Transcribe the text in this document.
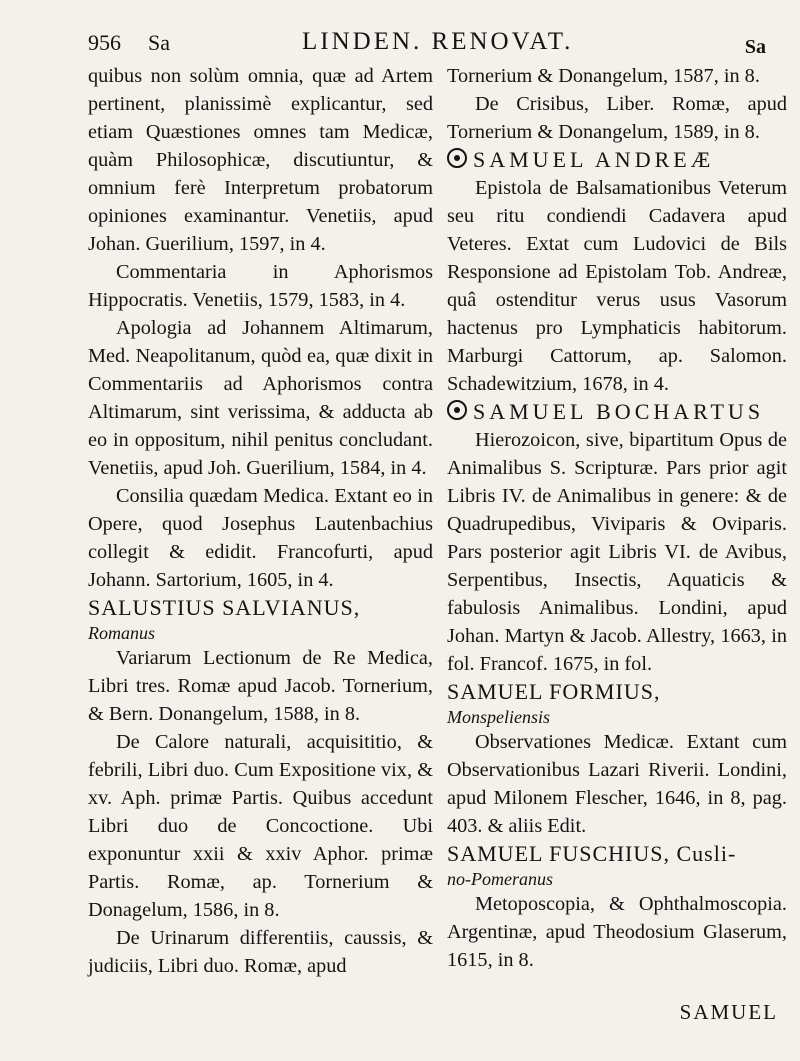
956 Sa	LINDEN. RENOVAT.	Sa

quibus non solùm omnia, quæ ad Artem pertinent, planissimè explicantur, sed etiam Quæstiones omnes tam Medicæ, quàm Philosophicæ, discutiuntur, & omnium ferè Interpretum probatorum opiniones examinantur. Venetiis, apud Johan. Guerilium, 1597, in 4.

Commentaria in Aphorismos Hippocratis. Venetiis, 1579, 1583, in 4.

Apologia ad Johannem Altimarum, Med. Neapolitanum, quòd ea, quæ dixit in Commentariis ad Aphorismos contra Altimarum, sint verissima, & adducta ab eo in oppositum, nihil penitus concludant. Venetiis, apud Joh. Guerilium, 1584, in 4.

Consilia quædam Medica. Extant eo in Opere, quod Josephus Lautenbachius collegit & edidit. Francofurti, apud Johann. Sartorium, 1605, in 4.

SALUSTIUS SALVIANUS,

Romanus

Variarum Lectionum de Re Medica, Libri tres. Romæ apud Jacob. Tornerium, & Bern. Donangelum, 1588, in 8.

De Calore naturali, acquisititio, & febrili, Libri duo. Cum Expositione vix, & xv. Aph. primæ Partis. Quibus accedunt Libri duo de Concoctione. Ubi exponuntur xxii & xxiv Aphor. primæ Partis. Romæ, ap. Tornerium & Donagelum, 1586, in 8.

De Urinarum differentiis, caussis, & judiciis, Libri duo. Romæ, apud

Tornerium & Donangelum, 1587, in 8.

De Crisibus, Liber. Romæ, apud Tornerium & Donangelum, 1589, in 8.

SAMUEL ANDREÆ

Epistola de Balsamationibus Veterum seu ritu condiendi Cadavera apud Veteres. Extat cum Ludovici de Bils Responsione ad Epistolam Tob. Andreæ, quâ ostenditur verus usus Vasorum hactenus pro Lymphaticis habitorum. Marburgi Cattorum, ap. Salomon. Schadewitzium, 1678, in 4.

SAMUEL BOCHARTUS

Hierozoicon, sive, bipartitum Opus de Animalibus S. Scripturæ. Pars prior agit Libris IV. de Animalibus in genere: & de Quadrupedibus, Viviparis & Oviparis. Pars posterior agit Libris VI. de Avibus, Serpentibus, Insectis, Aquaticis & fabulosis Animalibus. Londini, apud Johan. Martyn & Jacob. Allestry, 1663, in fol. Francof. 1675, in fol.

SAMUEL FORMIUS,

Monspeliensis

Observationes Medicæ. Extant cum Observationibus Lazari Riverii. Londini, apud Milonem Flescher, 1646, in 8, pag. 403. & aliis Edit.

SAMUEL FUSCHIUS, Cusli-

no-Pomeranus

Metoposcopia, & Ophthalmoscopia. Argentinæ, apud Theodosium Glaserum, 1615, in 8.

SAMUEL
